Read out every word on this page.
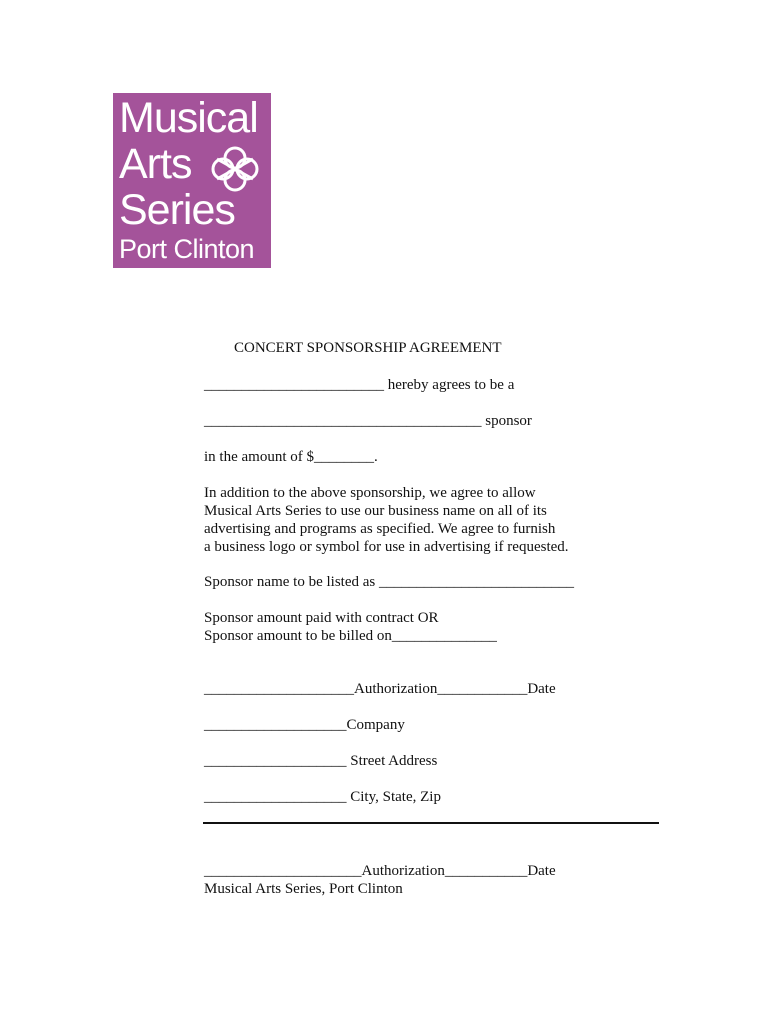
Musical
Arts
Series
Port Clinton
CONCERT SPONSORSHIP AGREEMENT
________________________ hereby agrees to be a
_____________________________________ sponsor
in the amount of $________.
In addition to the above sponsorship, we agree to allow
Musical Arts Series to use our business name on all of its
advertising and programs as specified. We agree to furnish
a business logo or symbol for use in advertising if requested.
Sponsor name to be listed as __________________________
Sponsor amount paid with contract OR
Sponsor amount to be billed on______________
____________________Authorization____________Date
___________________Company
___________________ Street Address
___________________ City, State, Zip
_____________________Authorization___________Date
Musical Arts Series, Port Clinton
